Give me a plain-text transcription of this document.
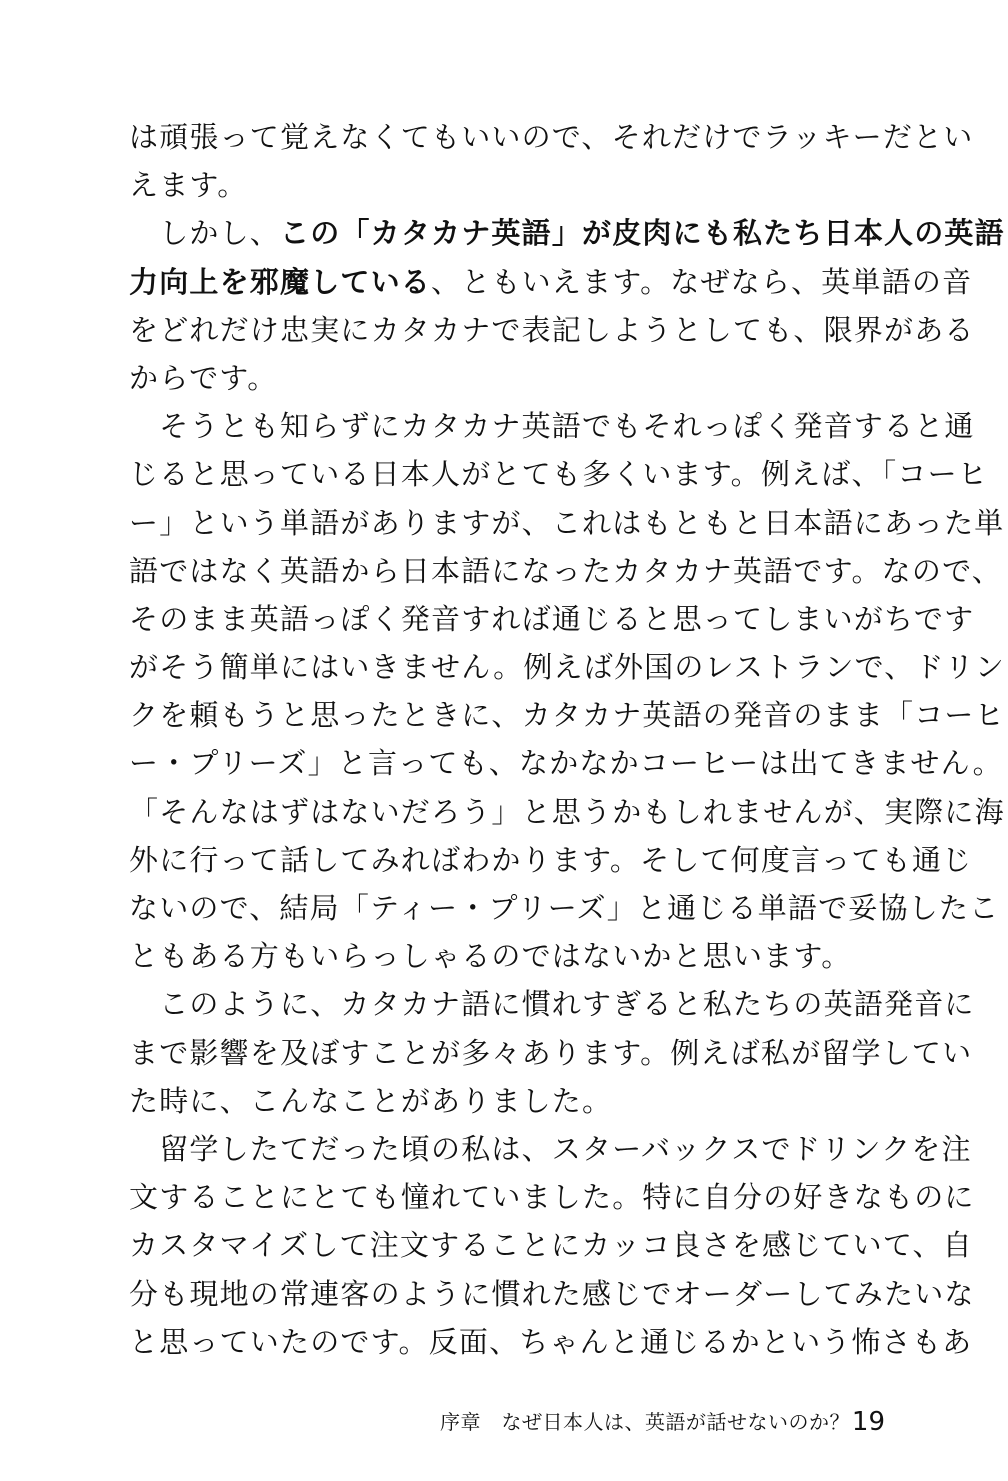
は頑張って覚えなくてもいいので、それだけでラッキーだとい
えます。
　しかし、この「カタカナ英語」が皮肉にも私たち日本人の英語
力向上を邪魔している、ともいえます。なぜなら、英単語の音
をどれだけ忠実にカタカナで表記しようとしても、限界がある
からです。
　そうとも知らずにカタカナ英語でもそれっぽく発音すると通
じると思っている日本人がとても多くいます。例えば、「コーヒ
ー」という単語がありますが、これはもともと日本語にあった単
語ではなく英語から日本語になったカタカナ英語です。なので、
そのまま英語っぽく発音すれば通じると思ってしまいがちです
がそう簡単にはいきません。例えば外国のレストランで、ドリン
クを頼もうと思ったときに、カタカナ英語の発音のまま「コーヒ
ー・プリーズ」と言っても、なかなかコーヒーは出てきません。
「そんなはずはないだろう」と思うかもしれませんが、実際に海
外に行って話してみればわかります。そして何度言っても通じ
ないので、結局「ティー・プリーズ」と通じる単語で妥協したこ
ともある方もいらっしゃるのではないかと思います。
　このように、カタカナ語に慣れすぎると私たちの英語発音に
まで影響を及ぼすことが多々あります。例えば私が留学してい
た時に、こんなことがありました。
　留学したてだった頃の私は、スターバックスでドリンクを注
文することにとても憧れていました。特に自分の好きなものに
カスタマイズして注文することにカッコ良さを感じていて、自
分も現地の常連客のように慣れた感じでオーダーしてみたいな
と思っていたのです。反面、ちゃんと通じるかという怖さもあ
序章　なぜ日本人は、英語が話せないのか？ 19
